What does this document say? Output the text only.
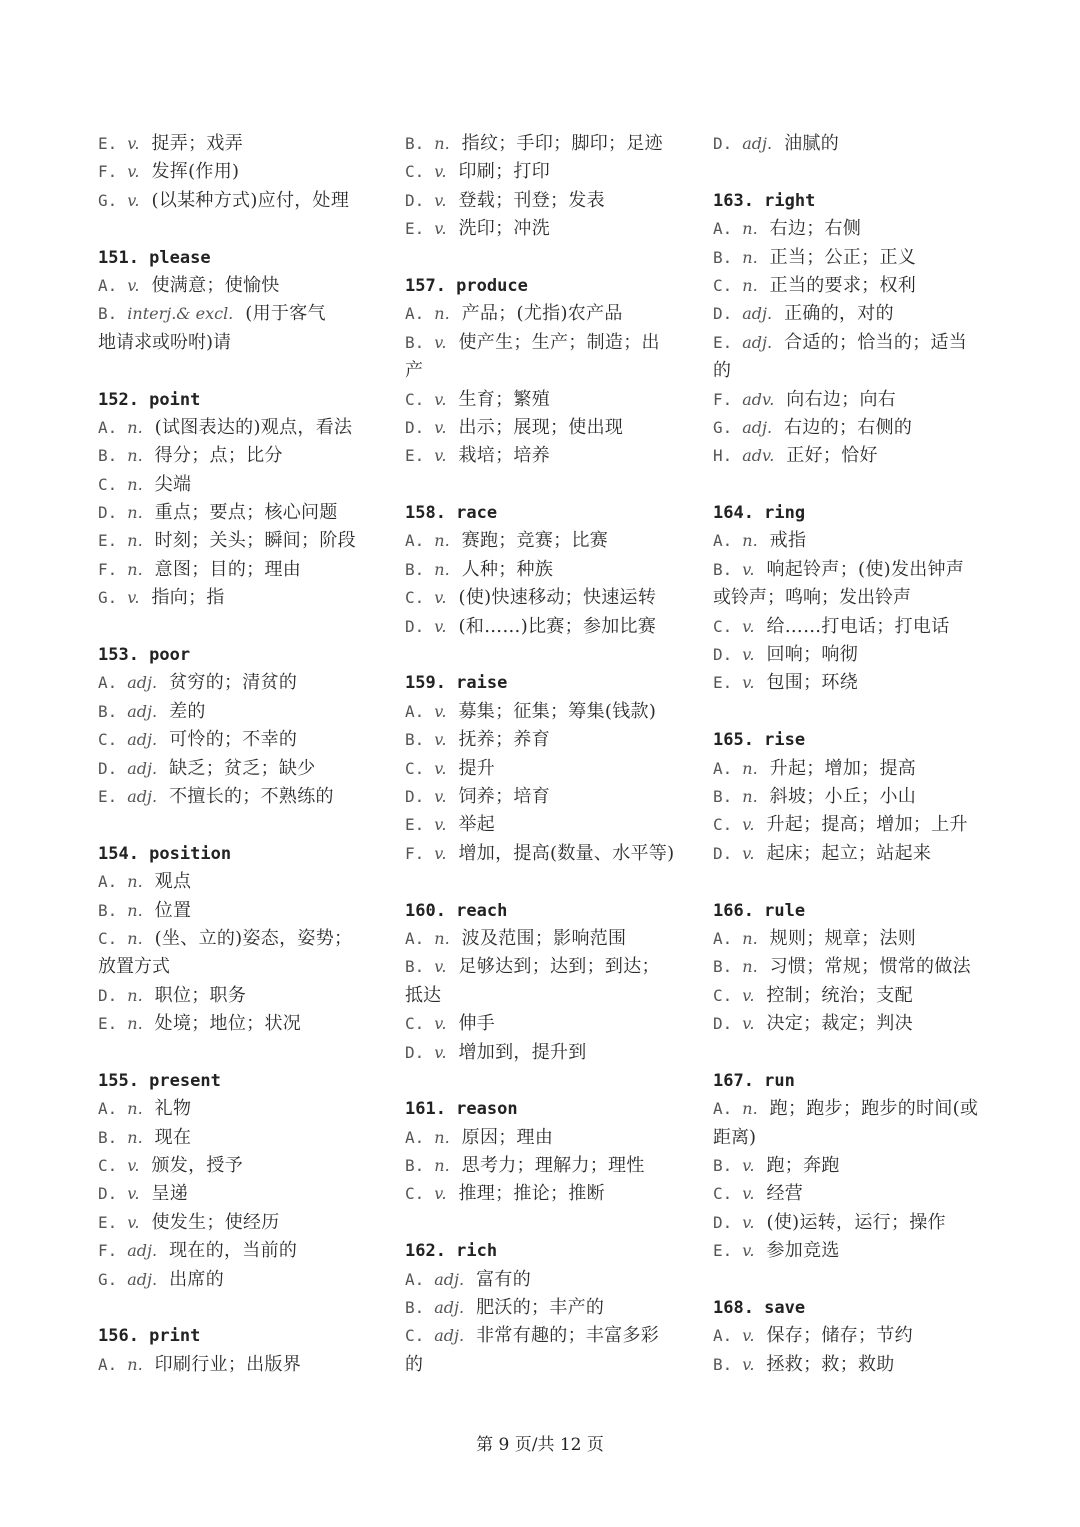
E. v. 捉弄；戏弄
F. v. 发挥(作用)
G. v. (以某种方式)应付，处理
151. please
A. v. 使满意；使愉快
B. interj.& excl. (用于客气
地请求或吩咐)请
152. point
A. n. (试图表达的)观点，看法
B. n. 得分；点；比分
C. n. 尖端
D. n. 重点；要点；核心问题
E. n. 时刻；关头；瞬间；阶段
F. n. 意图；目的；理由
G. v. 指向；指
153. poor
A. adj. 贫穷的；清贫的
B. adj. 差的
C. adj. 可怜的；不幸的
D. adj. 缺乏；贫乏；缺少
E. adj. 不擅长的；不熟练的
154. position
A. n. 观点
B. n. 位置
C. n. (坐、立的)姿态，姿势；
放置方式
D. n. 职位；职务
E. n. 处境；地位；状况
155. present
A. n. 礼物
B. n. 现在
C. v. 颁发，授予
D. v. 呈递
E. v. 使发生；使经历
F. adj. 现在的，当前的
G. adj. 出席的
156. print
A. n. 印刷行业；出版界
B. n. 指纹；手印；脚印；足迹
C. v. 印刷；打印
D. v. 登载；刊登；发表
E. v. 洗印；冲洗
157. produce
A. n. 产品；(尤指)农产品
B. v. 使产生；生产；制造；出
产
C. v. 生育；繁殖
D. v. 出示；展现；使出现
E. v. 栽培；培养
158. race
A. n. 赛跑；竞赛；比赛
B. n. 人种；种族
C. v. (使)快速移动；快速运转
D. v. (和……)比赛；参加比赛
159. raise
A. v. 募集；征集；筹集(钱款)
B. v. 抚养；养育
C. v. 提升
D. v. 饲养；培育
E. v. 举起
F. v. 增加，提高(数量、水平等)
160. reach
A. n. 波及范围；影响范围
B. v. 足够达到；达到；到达；
抵达
C. v. 伸手
D. v. 增加到，提升到
161. reason
A. n. 原因；理由
B. n. 思考力；理解力；理性
C. v. 推理；推论；推断
162. rich
A. adj. 富有的
B. adj. 肥沃的；丰产的
C. adj. 非常有趣的；丰富多彩
的
D. adj. 油腻的
163. right
A. n. 右边；右侧
B. n. 正当；公正；正义
C. n. 正当的要求；权利
D. adj. 正确的，对的
E. adj. 合适的；恰当的；适当
的
F. adv. 向右边；向右
G. adj. 右边的；右侧的
H. adv. 正好；恰好
164. ring
A. n. 戒指
B. v. 响起铃声；(使)发出钟声
或铃声；鸣响；发出铃声
C. v. 给……打电话；打电话
D. v. 回响；响彻
E. v. 包围；环绕
165. rise
A. n. 升起；增加；提高
B. n. 斜坡；小丘；小山
C. v. 升起；提高；增加；上升
D. v. 起床；起立；站起来
166. rule
A. n. 规则；规章；法则
B. n. 习惯；常规；惯常的做法
C. v. 控制；统治；支配
D. v. 决定；裁定；判决
167. run
A. n. 跑；跑步；跑步的时间(或
距离)
B. v. 跑；奔跑
C. v. 经营
D. v. (使)运转，运行；操作
E. v. 参加竞选
168. save
A. v. 保存；储存；节约
B. v. 拯救；救；救助
第 9 页/共 12 页
